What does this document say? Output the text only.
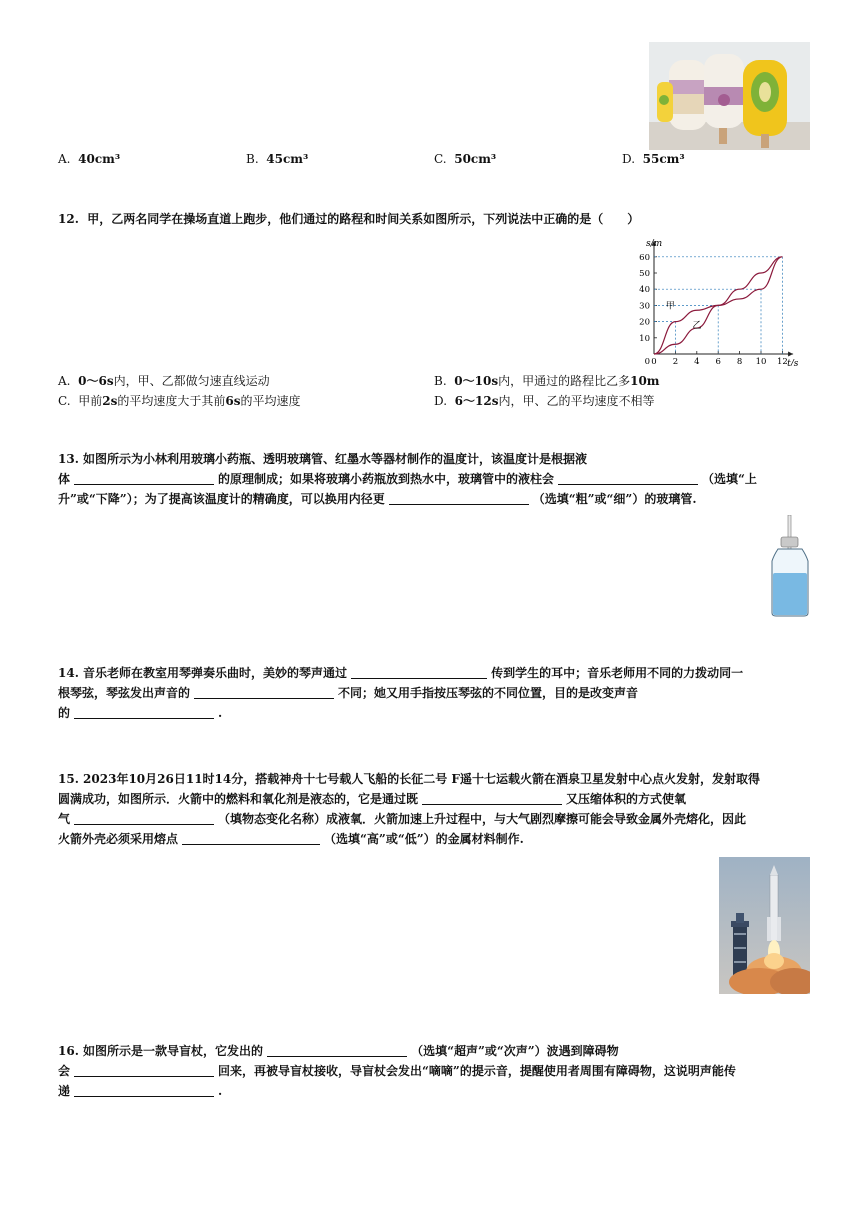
A. 40cm³	B. 45cm³	C. 50cm³	D. 55cm³
12. 甲，乙两名同学在操场直道上跑步，他们通过的路程和时间关系如图所示，下列说法中正确的是（　　）
10
20
30
40
50
60
0 2 4 6 8 10 12
s/m
t/s
甲
乙
0
A. 0～6s内，甲、乙都做匀速直线运动	B. 0～10s内，甲通过的路程比乙多10m
C. 甲前2s的平均速度大于其前6s的平均速度	D. 6～12s内，甲、乙的平均速度不相等
13. 如图所示为小林利用玻璃小药瓶、透明玻璃管、红墨水等器材制作的温度计，该温度计是根据液
体	的原理制成；如果将玻璃小药瓶放到热水中，玻璃管中的液柱会	（选填“上
升”或“下降”）；为了提高该温度计的精确度，可以换用内径更	（选填“粗”或“细”）的玻璃管.
14. 音乐老师在教室用琴弹奏乐曲时，美妙的琴声通过	传到学生的耳中；音乐老师用不同的力拨动同一
根琴弦，琴弦发出声音的	不同；她又用手指按压琴弦的不同位置，目的是改变声音
的	.
15. 2023年10月26日11时14分，搭载神舟十七号载人飞船的长征二号 F遥十七运载火箭在酒泉卫星发射中心点火发射，发射取得
圆满成功，如图所示．火箭中的燃料和氧化剂是液态的，它是通过既	又压缩体积的方式使氧
气	（填物态变化名称）成液氧．火箭加速上升过程中，与大气剧烈摩擦可能会导致金属外壳熔化，因此
火箭外壳必须采用熔点	（选填“高”或“低”）的金属材料制作.
16. 如图所示是一款导盲杖，它发出的	（选填“超声”或“次声”）波遇到障碍物
会	回来，再被导盲杖接收，导盲杖会发出“嘀嘀”的提示音，提醒使用者周围有障碍物，这说明声能传
递	.
